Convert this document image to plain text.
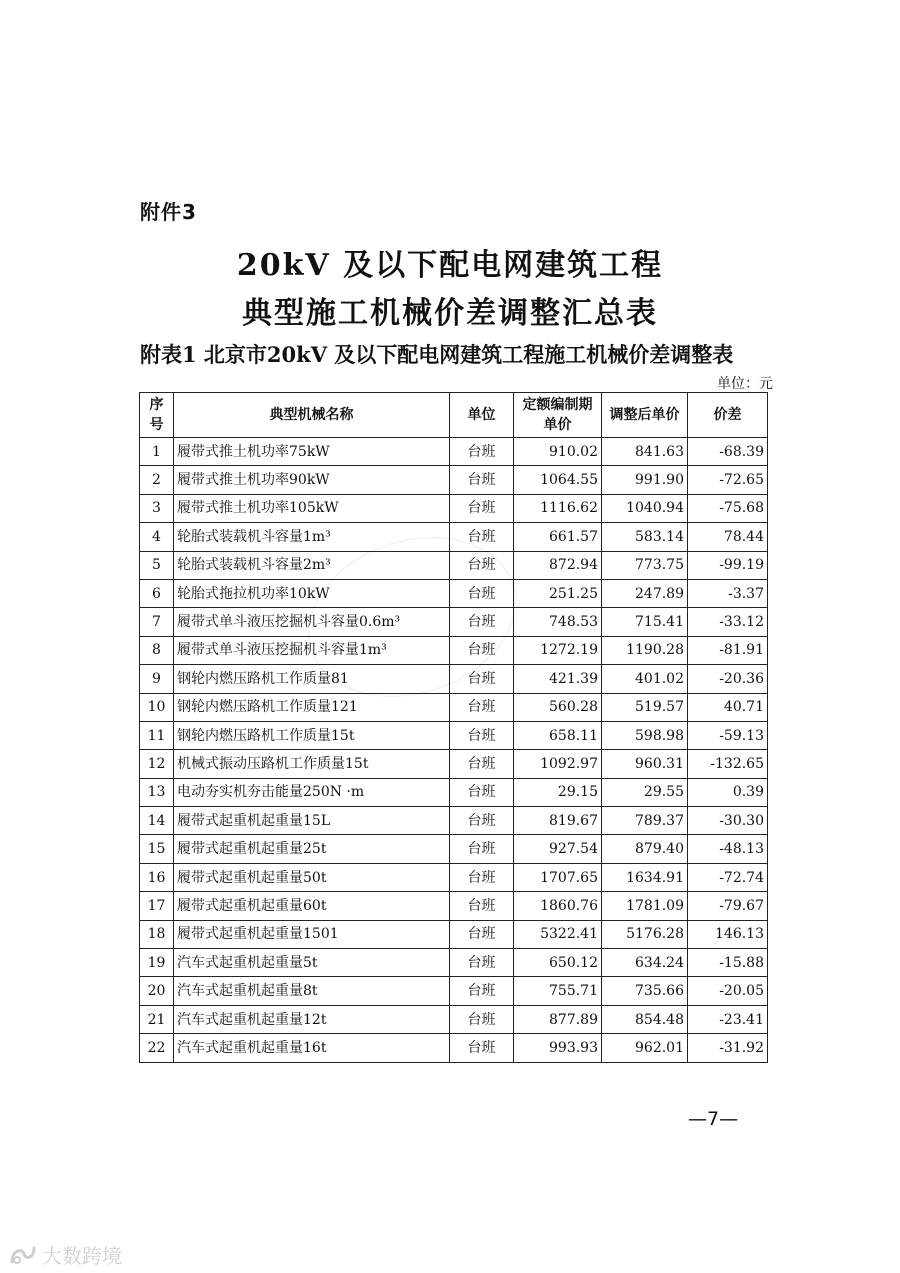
附件3
20kV 及以下配电网建筑工程
典型施工机械价差调整汇总表
附表1 北京市20kV 及以下配电网建筑工程施工机械价差调整表
单位：元
序号	典型机械名称	单位	定额编制期单价	调整后单价	价差
1	履带式推土机功率75kW	台班	910.02	841.63	-68.39
2	履带式推土机功率90kW	台班	1064.55	991.90	-72.65
3	履带式推土机功率105kW	台班	1116.62	1040.94	-75.68
4	轮胎式装载机斗容量1m³	台班	661.57	583.14	78.44
5	轮胎式装载机斗容量2m³	台班	872.94	773.75	-99.19
6	轮胎式拖拉机功率10kW	台班	251.25	247.89	-3.37
7	履带式单斗液压挖掘机斗容量0.6m³	台班	748.53	715.41	-33.12
8	履带式单斗液压挖掘机斗容量1m³	台班	1272.19	1190.28	-81.91
9	钢轮内燃压路机工作质量81	台班	421.39	401.02	-20.36
10	钢轮内燃压路机工作质量121	台班	560.28	519.57	40.71
11	钢轮内燃压路机工作质量15t	台班	658.11	598.98	-59.13
12	机械式振动压路机工作质量15t	台班	1092.97	960.31	-132.65
13	电动夯实机夯击能量250N ·m	台班	29.15	29.55	0.39
14	履带式起重机起重量15L	台班	819.67	789.37	-30.30
15	履带式起重机起重量25t	台班	927.54	879.40	-48.13
16	履带式起重机起重量50t	台班	1707.65	1634.91	-72.74
17	履带式起重机起重量60t	台班	1860.76	1781.09	-79.67
18	履带式起重机起重量1501	台班	5322.41	5176.28	146.13
19	汽车式起重机起重量5t	台班	650.12	634.24	-15.88
20	汽车式起重机起重量8t	台班	755.71	735.66	-20.05
21	汽车式起重机起重量12t	台班	877.89	854.48	-23.41
22	汽车式起重机起重量16t	台班	993.93	962.01	-31.92
—7—
大数跨境
